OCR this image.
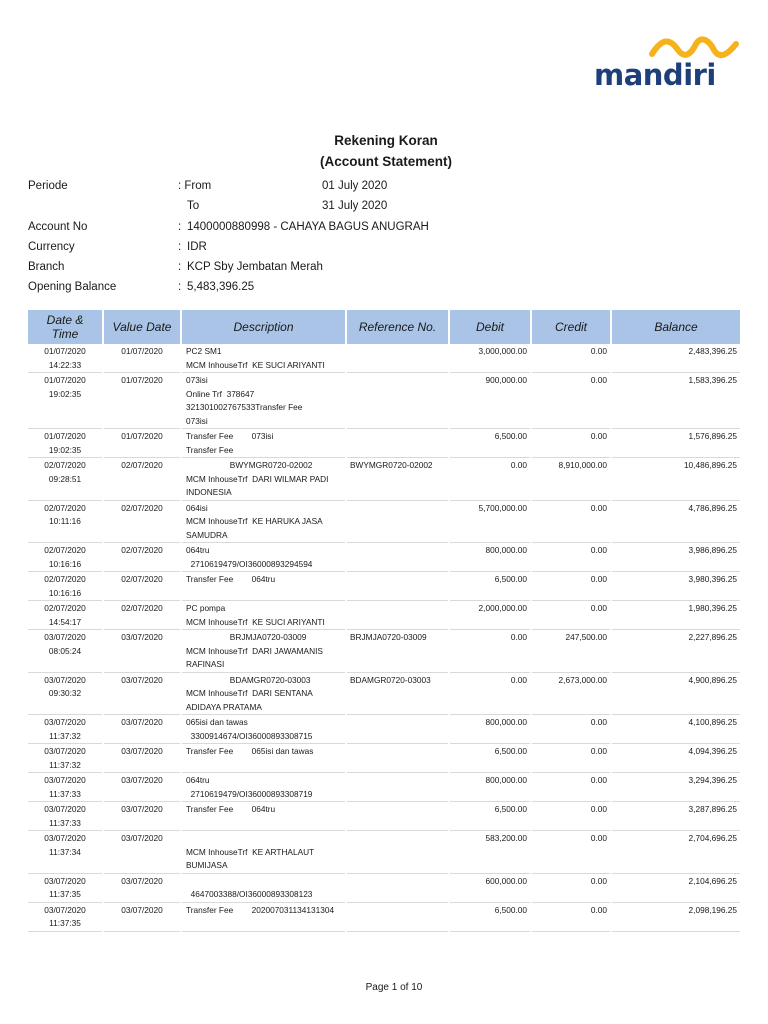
mandiri
Rekening Koran
(Account Statement)
Periode	: From	01 July 2020
To	31 July 2020
Account No	: 1400000880998 - CAHAYA BAGUS ANUGRAH
Currency	: IDR
Branch	: KCP Sby Jembatan Merah
Opening Balance	: 5,483,396.25
Date & Time	Value Date	Description	Reference No.	Debit	Credit	Balance
01/07/2020
14:22:33	01/07/2020	PC2 SM1
MCM InhouseTrf  KE SUCI ARIYANTI		3,000,000.00	0.00	2,483,396.25
01/07/2020
19:02:35	01/07/2020	073isi
Online Trf  378647
321301002767533Transfer Fee
073isi		900,000.00	0.00	1,583,396.25
01/07/2020
19:02:35	01/07/2020	Transfer Fee        073isi
Transfer Fee		6,500.00	0.00	1,576,896.25
02/07/2020
09:28:51	02/07/2020	BWYMGR0720-02002
MCM InhouseTrf  DARI WILMAR PADI
INDONESIA	BWYMGR0720-02002	0.00	8,910,000.00	10,486,896.25
02/07/2020
10:11:16	02/07/2020	064isi
MCM InhouseTrf  KE HARUKA JASA
SAMUDRA		5,700,000.00	0.00	4,786,896.25
02/07/2020
10:16:16	02/07/2020	064tru
2710619479/OI36000893294594		800,000.00	0.00	3,986,896.25
02/07/2020
10:16:16	02/07/2020	Transfer Fee        064tru		6,500.00	0.00	3,980,396.25
02/07/2020
14:54:17	02/07/2020	PC pompa
MCM InhouseTrf  KE SUCI ARIYANTI		2,000,000.00	0.00	1,980,396.25
03/07/2020
08:05:24	03/07/2020	BRJMJA0720-03009
MCM InhouseTrf  DARI JAWAMANIS
RAFINASI	BRJMJA0720-03009	0.00	247,500.00	2,227,896.25
03/07/2020
09:30:32	03/07/2020	BDAMGR0720-03003
MCM InhouseTrf  DARI SENTANA
ADIDAYA PRATAMA	BDAMGR0720-03003	0.00	2,673,000.00	4,900,896.25
03/07/2020
11:37:32	03/07/2020	065isi dan tawas
3300914674/OI36000893308715		800,000.00	0.00	4,100,896.25
03/07/2020
11:37:32	03/07/2020	Transfer Fee        065isi dan tawas		6,500.00	0.00	4,094,396.25
03/07/2020
11:37:33	03/07/2020	064tru
2710619479/OI36000893308719		800,000.00	0.00	3,294,396.25
03/07/2020
11:37:33	03/07/2020	Transfer Fee        064tru		6,500.00	0.00	3,287,896.25
03/07/2020
11:37:34	03/07/2020	
MCM InhouseTrf  KE ARTHALAUT
BUMIJASA		583,200.00	0.00	2,704,696.25
03/07/2020
11:37:35	03/07/2020	
4647003388/OI36000893308123		600,000.00	0.00	2,104,696.25
03/07/2020
11:37:35	03/07/2020	Transfer Fee        202007031134131304		6,500.00	0.00	2,098,196.25
Page 1 of 10
